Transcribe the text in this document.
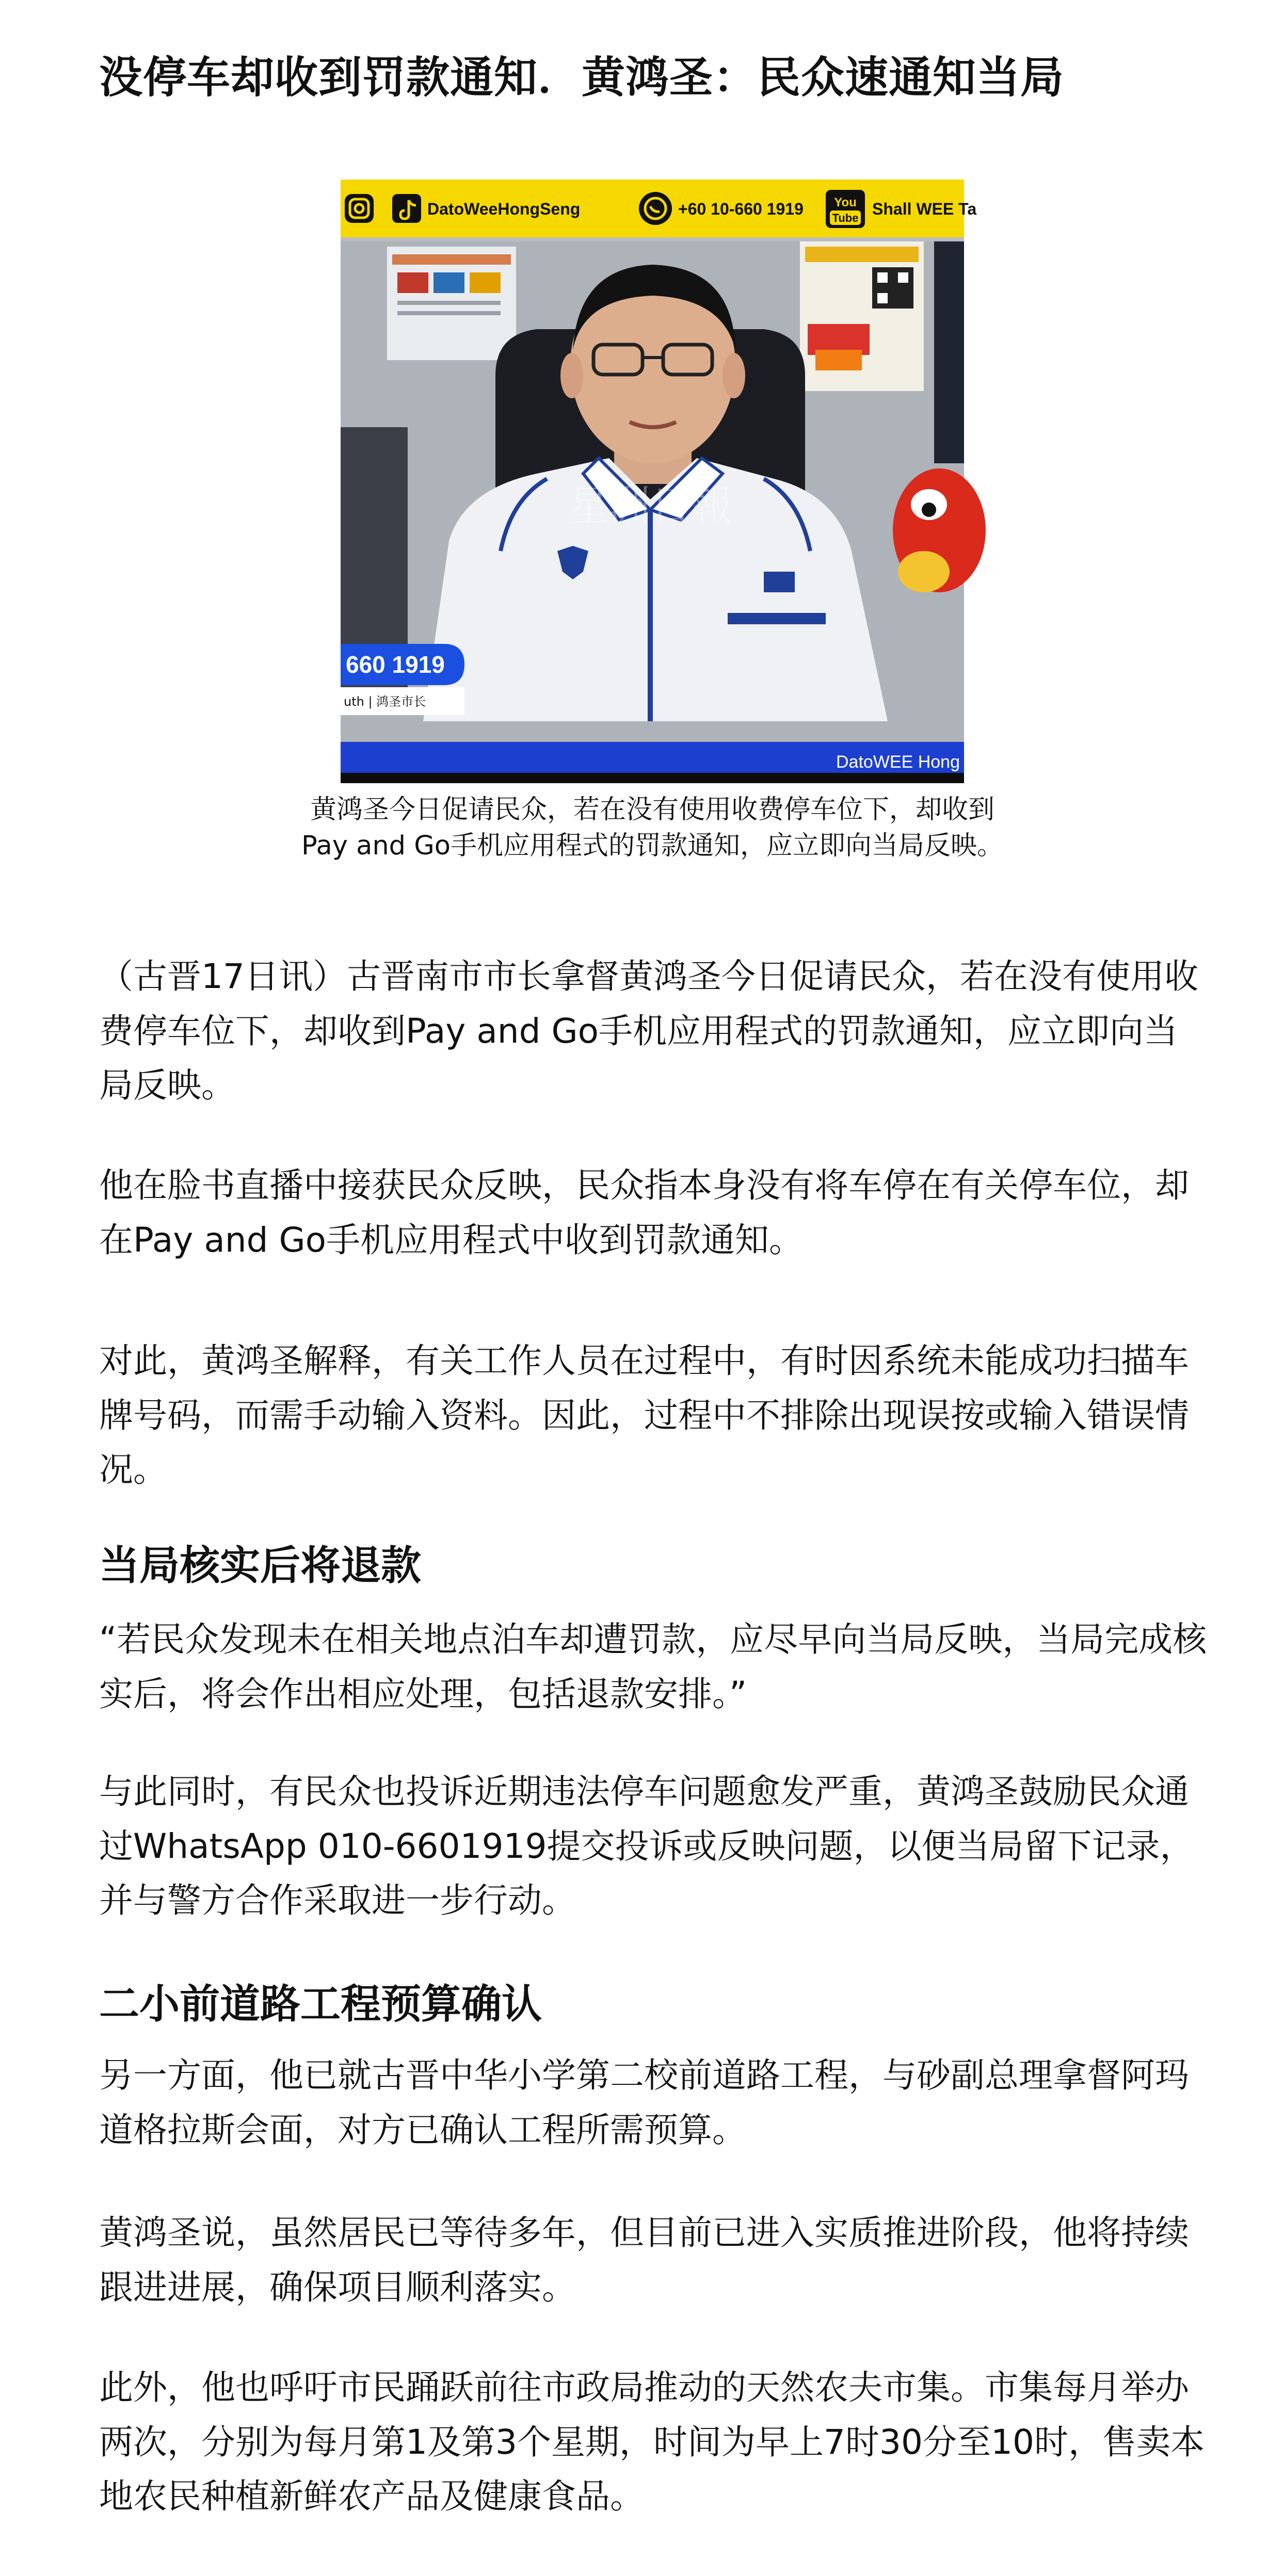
没停车却收到罚款通知．黄鸿圣：民众速通知当局
DatoWeeHongSeng	+60 10-660 1919 You
Tube Shall WEE Ta
星洲日報
660 1919
uth | 鸿圣市长
DatoWEE Hong

黄鸿圣今日促请民众，若在没有使用收费停车位下，却收到Pay and Go手机应用程式的罚款通知，应立即向当局反映。

（古晋17日讯）古晋南市市长拿督黄鸿圣今日促请民众，若在没有使用收费停车位下，却收到Pay and Go手机应用程式的罚款通知，应立即向当局反映。

他在脸书直播中接获民众反映，民众指本身没有将车停在有关停车位，却在Pay and Go手机应用程式中收到罚款通知。

对此，黄鸿圣解释，有关工作人员在过程中，有时因系统未能成功扫描车牌号码，而需手动输入资料。因此，过程中不排除出现误按或输入错误情况。

当局核实后将退款

“若民众发现未在相关地点泊车却遭罚款，应尽早向当局反映，当局完成核实后，将会作出相应处理，包括退款安排。”

与此同时，有民众也投诉近期违法停车问题愈发严重，黄鸿圣鼓励民众通过WhatsApp 010-6601919提交投诉或反映问题，以便当局留下记录，并与警方合作采取进一步行动。

二小前道路工程预算确认

另一方面，他已就古晋中华小学第二校前道路工程，与砂副总理拿督阿玛道格拉斯会面，对方已确认工程所需预算。

黄鸿圣说，虽然居民已等待多年，但目前已进入实质推进阶段，他将持续跟进进展，确保项目顺利落实。

此外，他也呼吁市民踊跃前往市政局推动的天然农夫市集。市集每月举办两次，分别为每月第1及第3个星期，时间为早上7时30分至10时，售卖本地农民种植新鲜农产品及健康食品。
